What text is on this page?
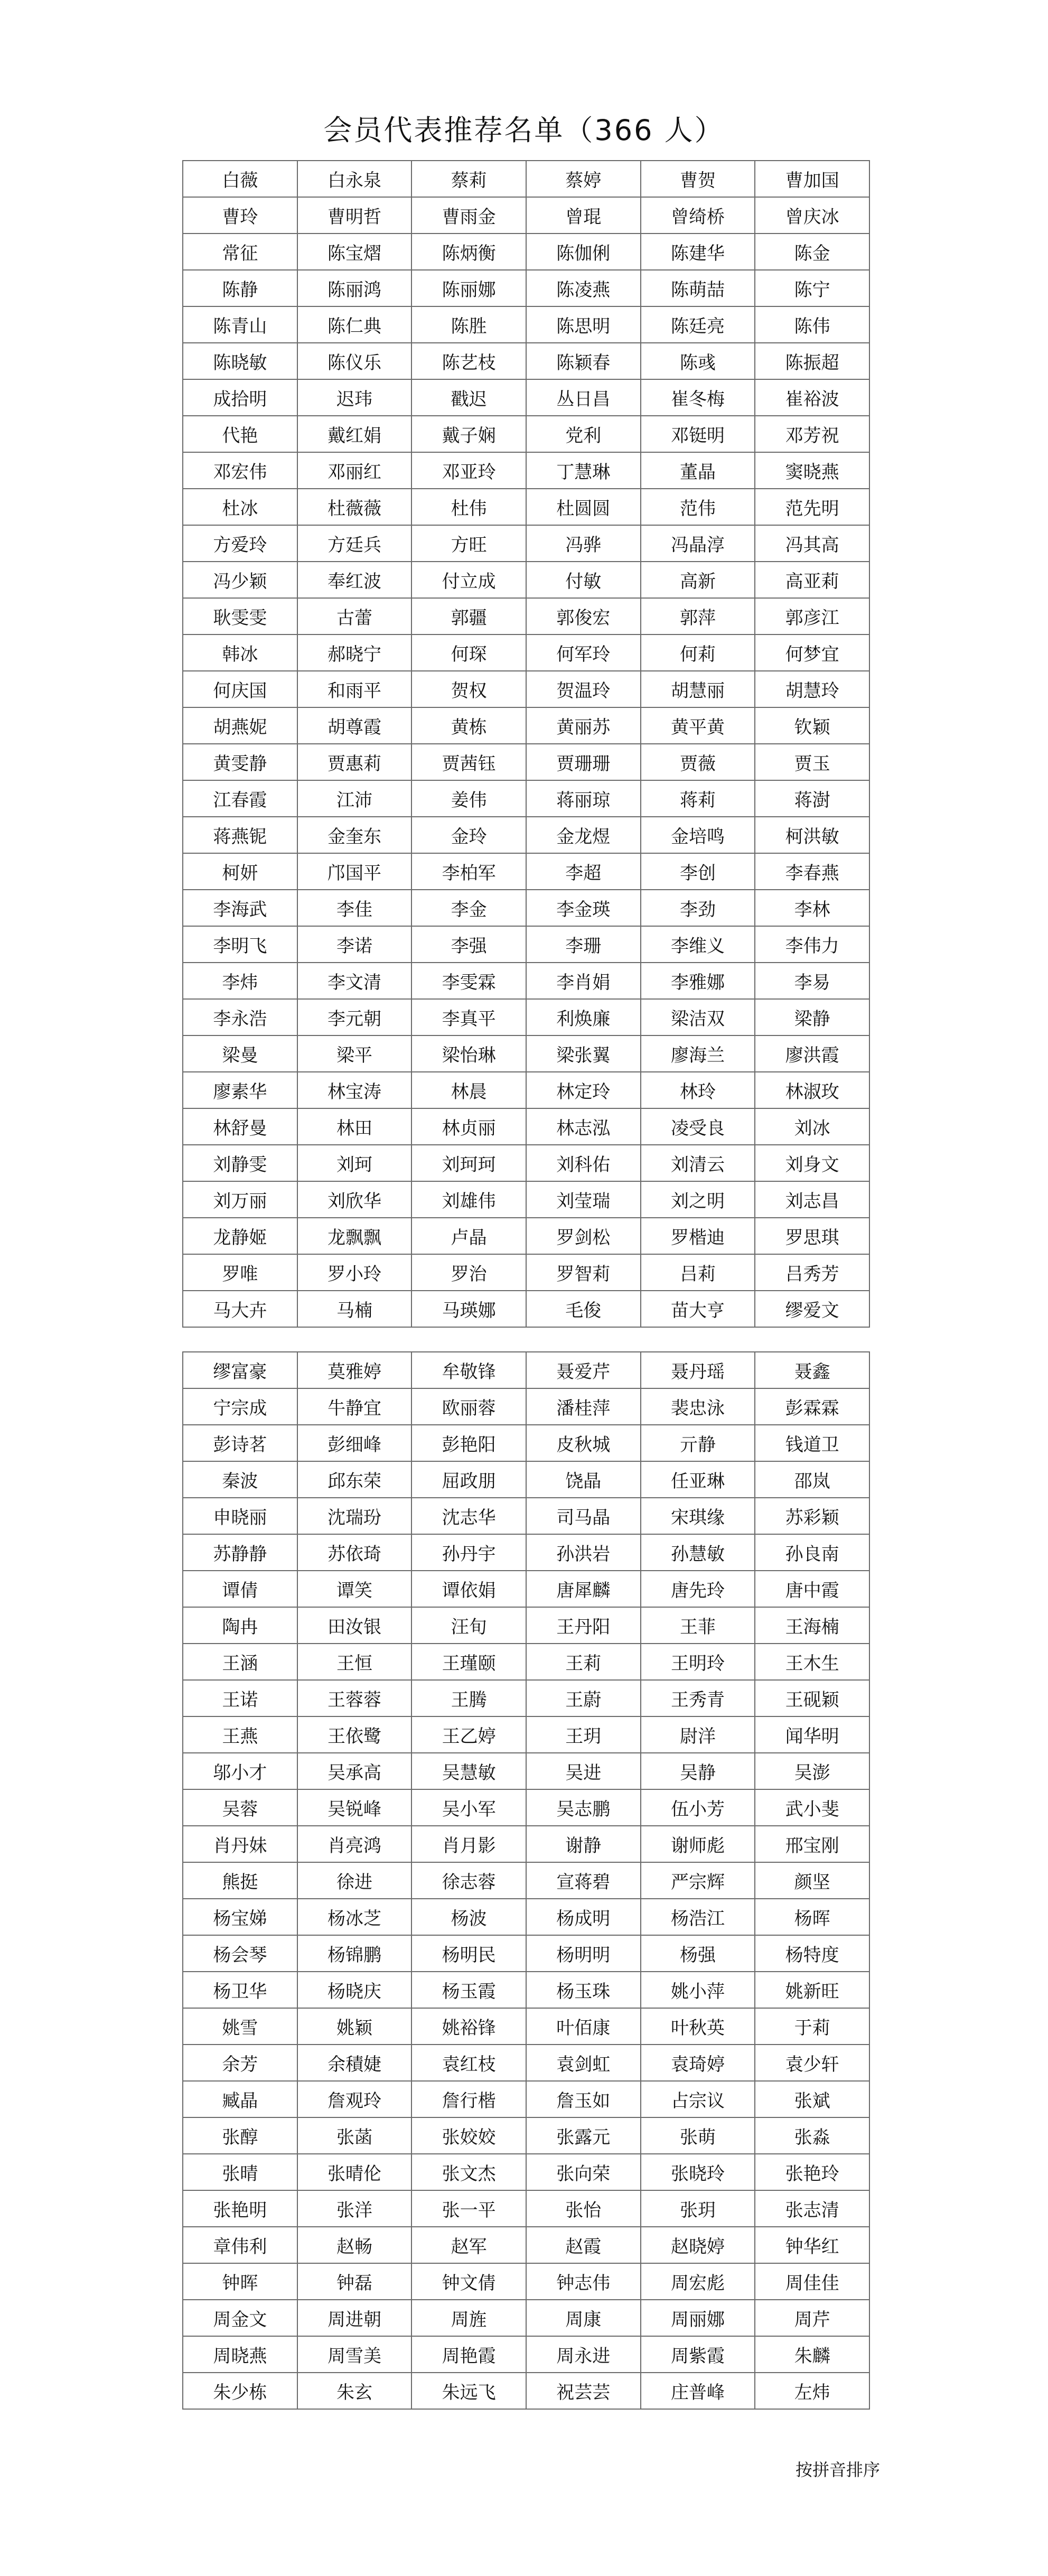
会员代表推荐名单（366 人）
白薇	白永泉	蔡莉	蔡婷	曹贺	曹加国
曹玲	曹明哲	曹雨金	曾琨	曾绮桥	曾庆冰
常征	陈宝熠	陈炳衡	陈伽俐	陈建华	陈金
陈静	陈丽鸿	陈丽娜	陈凌燕	陈萌喆	陈宁
陈青山	陈仁典	陈胜	陈思明	陈廷亮	陈伟
陈晓敏	陈仪乐	陈艺枝	陈颖春	陈彧	陈振超
成拾明	迟玮	戳迟	丛日昌	崔冬梅	崔裕波
代艳	戴红娟	戴子娴	党利	邓铤明	邓芳祝
邓宏伟	邓丽红	邓亚玲	丁慧琳	董晶	窦晓燕
杜冰	杜薇薇	杜伟	杜圆圆	范伟	范先明
方爱玲	方廷兵	方旺	冯骅	冯晶淳	冯其高
冯少颖	奉红波	付立成	付敏	高新	高亚莉
耿雯雯	古蕾	郭疆	郭俊宏	郭萍	郭彦江
韩冰	郝晓宁	何琛	何军玲	何莉	何梦宜
何庆国	和雨平	贺权	贺温玲	胡慧丽	胡慧玲
胡燕妮	胡尊霞	黄栋	黄丽苏	黄平黄	钦颖
黄雯静	贾惠莉	贾茜钰	贾珊珊	贾薇	贾玉
江春霞	江沛	姜伟	蒋丽琼	蒋莉	蒋澍
蒋燕铌	金奎东	金玲	金龙煜	金培鸣	柯洪敏
柯妍	邝国平	李柏军	李超	李创	李春燕
李海武	李佳	李金	李金瑛	李劲	李林
李明飞	李诺	李强	李珊	李维义	李伟力
李炜	李文清	李雯霖	李肖娟	李雅娜	李易
李永浩	李元朝	李真平	利焕廉	梁洁双	梁静
梁曼	梁平	梁怡琳	梁张翼	廖海兰	廖洪霞
廖素华	林宝涛	林晨	林定玲	林玲	林淑玫
林舒曼	林田	林贞丽	林志泓	凌受良	刘冰
刘静雯	刘珂	刘珂珂	刘科佑	刘清云	刘身文
刘万丽	刘欣华	刘雄伟	刘莹瑞	刘之明	刘志昌
龙静姬	龙飘飘	卢晶	罗剑松	罗楷迪	罗思琪
罗唯	罗小玲	罗治	罗智莉	吕莉	吕秀芳
马大卉	马楠	马瑛娜	毛俊	苗大亨	缪爱文
缪富豪	莫雅婷	牟敬锋	聂爱芹	聂丹瑶	聂鑫
宁宗成	牛静宜	欧丽蓉	潘桂萍	裴忠泳	彭霖霖
彭诗茗	彭细峰	彭艳阳	皮秋城	亓静	钱道卫
秦波	邱东荣	屈政朋	饶晶	任亚琳	邵岚
申晓丽	沈瑞玢	沈志华	司马晶	宋琪缘	苏彩颖
苏静静	苏依琦	孙丹宇	孙洪岩	孙慧敏	孙良南
谭倩	谭笑	谭依娟	唐犀麟	唐先玲	唐中霞
陶冉	田汝银	汪旬	王丹阳	王菲	王海楠
王涵	王恒	王瑾颐	王莉	王明玲	王木生
王诺	王蓉蓉	王腾	王蔚	王秀青	王砚颖
王燕	王依鹭	王乙婷	王玥	尉洋	闻华明
邬小才	吴承高	吴慧敏	吴进	吴静	吴澎
吴蓉	吴锐峰	吴小军	吴志鹏	伍小芳	武小斐
肖丹妹	肖亮鸿	肖月影	谢静	谢师彪	邢宝刚
熊挺	徐进	徐志蓉	宣蒋碧	严宗辉	颜坚
杨宝娣	杨冰芝	杨波	杨成明	杨浩江	杨晖
杨会琴	杨锦鹏	杨明民	杨明明	杨强	杨特度
杨卫华	杨晓庆	杨玉霞	杨玉珠	姚小萍	姚新旺
姚雪	姚颖	姚裕锋	叶佰康	叶秋英	于莉
余芳	余積婕	袁红枝	袁剑虹	袁琦婷	袁少轩
臧晶	詹观玲	詹行楷	詹玉如	占宗议	张斌
张醇	张菡	张姣姣	张露元	张萌	张淼
张晴	张晴伦	张文杰	张向荣	张晓玲	张艳玲
张艳明	张洋	张一平	张怡	张玥	张志清
章伟利	赵畅	赵军	赵霞	赵晓婷	钟华红
钟晖	钟磊	钟文倩	钟志伟	周宏彪	周佳佳
周金文	周进朝	周旌	周康	周丽娜	周芹
周晓燕	周雪美	周艳霞	周永进	周紫霞	朱麟
朱少栋	朱玄	朱远飞	祝芸芸	庄普峰	左炜
按拼音排序
